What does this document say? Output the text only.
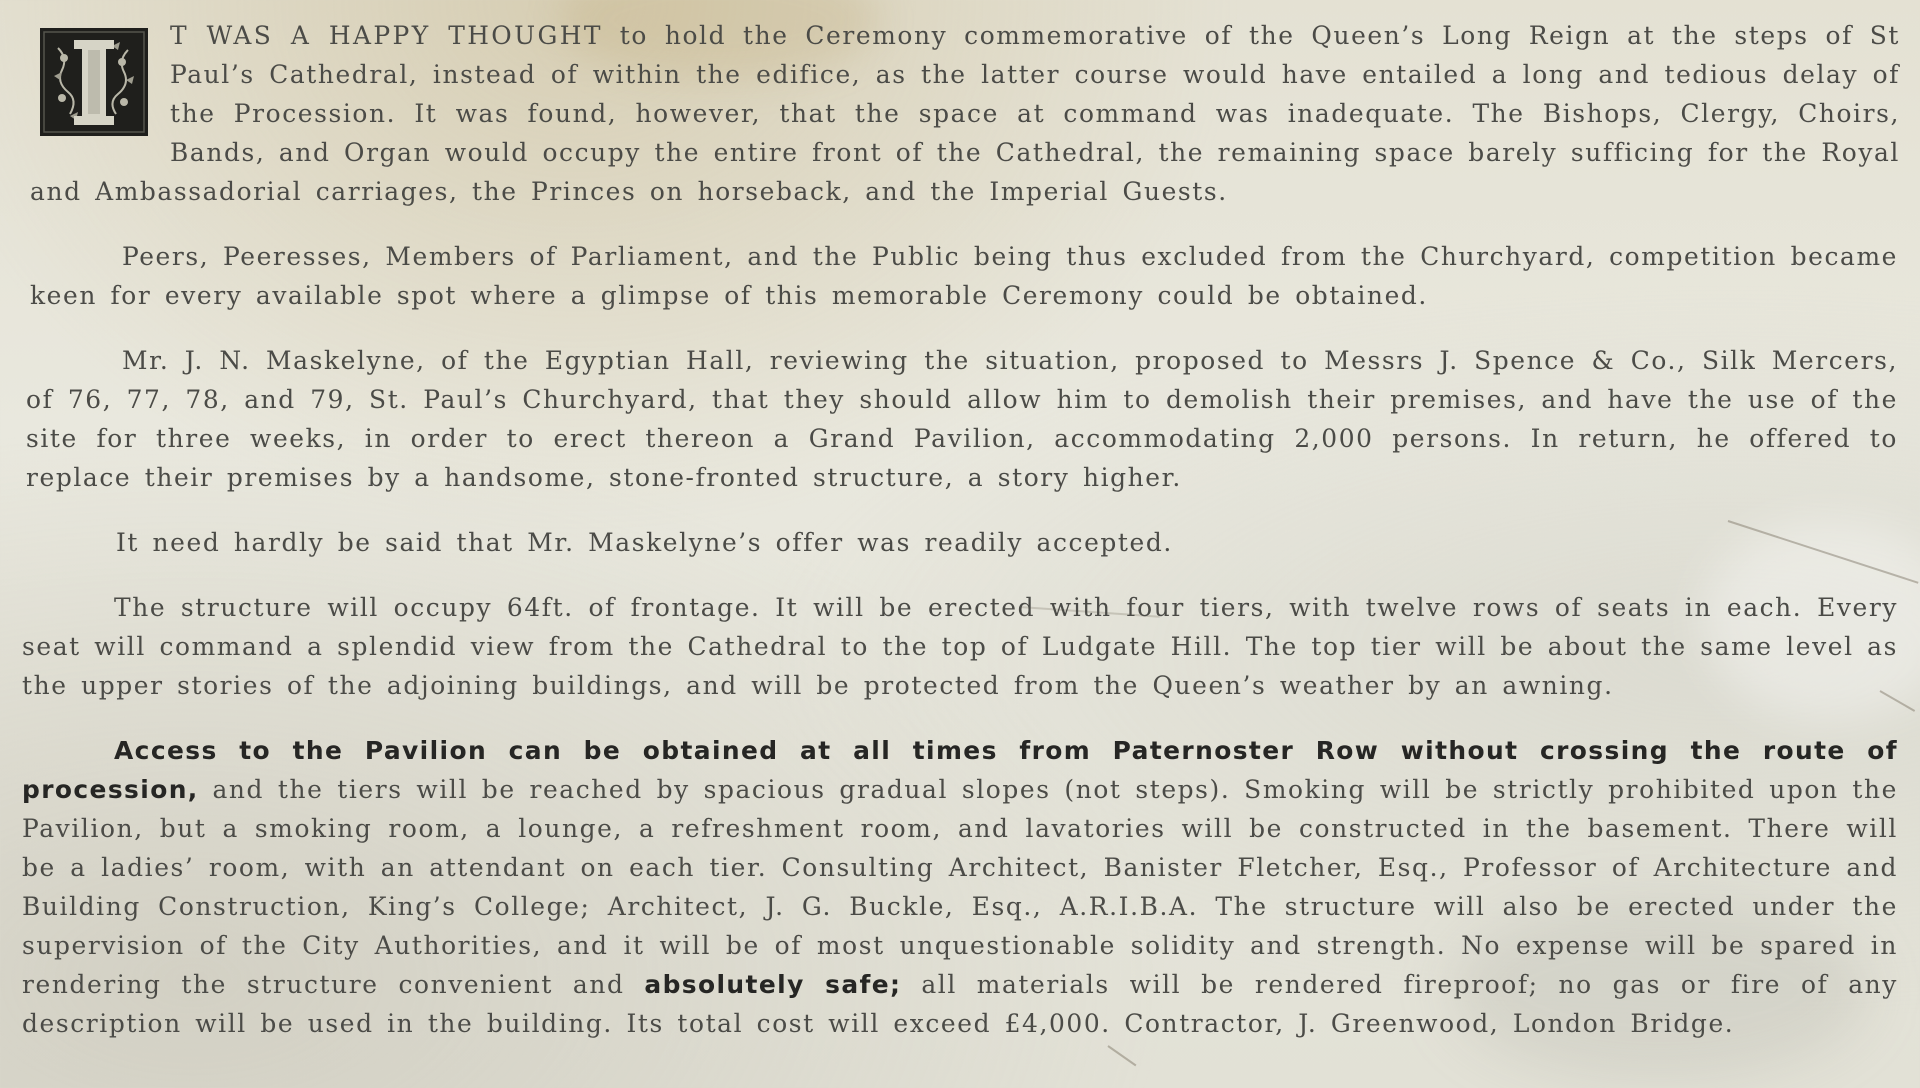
T WAS A HAPPY THOUGHT to hold the Ceremony commemorative of the Queen’s Long Reign at the steps of St Paul’s Cathedral, instead of within the edifice, as the latter course would have entailed a long and tedious delay of the Procession. It was found, however, that the space at command was inadequate. The Bishops, Clergy, Choirs, Bands, and Organ would occupy the entire front of the Cathedral, the remaining space barely sufficing for the Royal and Ambassadorial carriages, the Princes on horseback, and the Imperial Guests.

Peers, Peeresses, Members of Parliament, and the Public being thus excluded from the Churchyard, competition became keen for every available spot where a glimpse of this memorable Ceremony could be obtained.

Mr. J. N. Maskelyne, of the Egyptian Hall, reviewing the situation, proposed to Messrs J. Spence & Co., Silk Mercers, of 76, 77, 78, and 79, St. Paul’s Churchyard, that they should allow him to demolish their premises, and have the use of the site for three weeks, in order to erect thereon a Grand Pavilion, accommodating 2,000 persons. In return, he offered to replace their premises by a handsome, stone-fronted structure, a story higher.

It need hardly be said that Mr. Maskelyne’s offer was readily accepted.

The structure will occupy 64ft. of frontage. It will be erected with four tiers, with twelve rows of seats in each. Every seat will command a splendid view from the Cathedral to the top of Ludgate Hill. The top tier will be about the same level as the upper stories of the adjoining buildings, and will be protected from the Queen’s weather by an awning.

Access to the Pavilion can be obtained at all times from Paternoster Row without crossing the route of procession, and the tiers will be reached by spacious gradual slopes (not steps). Smoking will be strictly prohibited upon the Pavilion, but a smoking room, a lounge, a refreshment room, and lavatories will be constructed in the basement. There will be a ladies’ room, with an attendant on each tier. Consulting Architect, Banister Fletcher, Esq., Professor of Architecture and Building Construction, King’s College; Architect, J. G. Buckle, Esq., A.R.I.B.A. The structure will also be erected under the supervision of the City Authorities, and it will be of most unquestionable solidity and strength. No expense will be spared in rendering the structure convenient and absolutely safe; all materials will be rendered fireproof; no gas or fire of any description will be used in the building. Its total cost will exceed £4,000. Contractor, J. Greenwood, London Bridge.
